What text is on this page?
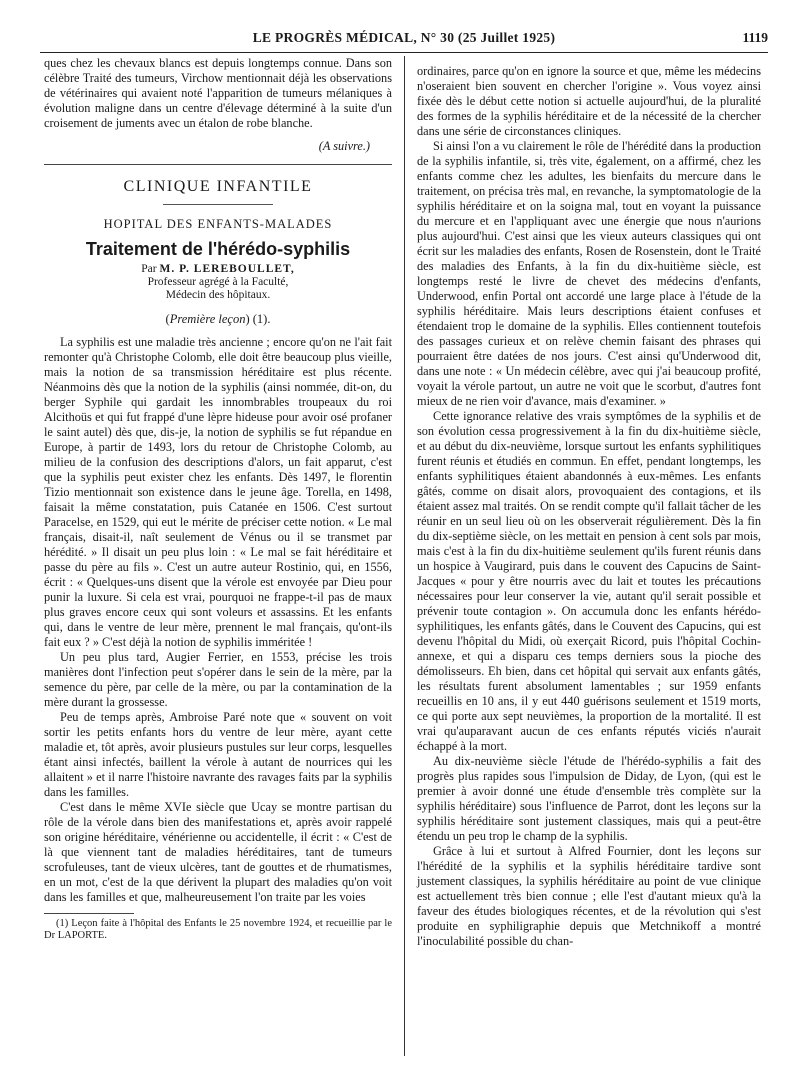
LE PROGRÈS MÉDICAL, N° 30 (25 Juillet 1925)	1119

ques chez les chevaux blancs est depuis longtemps connue. Dans son célèbre Traité des tumeurs, Virchow mentionnait déjà les observations de vétérinaires qui avaient noté l'apparition de tumeurs mélaniques à évolution maligne dans un centre d'élevage déterminé à la suite d'un croisement de juments avec un étalon de robe blanche.

(A suivre.)
CLINIQUE INFANTILE
HOPITAL DES ENFANTS-MALADES
Traitement de l'hérédo-syphilis
Par M. P. LEREBOULLET,
Professeur agrégé à la Faculté,
Médecin des hôpitaux.
(Première leçon) (1).

La syphilis est une maladie très ancienne ; encore qu'on ne l'ait fait remonter qu'à Christophe Colomb, elle doit être beaucoup plus vieille, mais la notion de sa transmission héréditaire est plus récente. Néanmoins dès que la notion de la syphilis (ainsi nommée, dit-on, du berger Syphile qui gardait les innombrables troupeaux du roi Alcithoüs et qui fut frappé d'une lèpre hideuse pour avoir osé profaner le saint autel) dès que, dis-je, la notion de syphilis se fut répandue en Europe, à partir de 1493, lors du retour de Christophe Colomb, au milieu de la confusion des descriptions d'alors, un fait apparut, c'est que la syphilis peut exister chez les enfants. Dès 1497, le florentin Tizio mentionnait son existence dans le jeune âge. Torella, en 1498, faisait la même constatation, puis Catanée en 1506. C'est surtout Paracelse, en 1529, qui eut le mérite de préciser cette notion. « Le mal français, disait-il, naît seulement de Vénus ou il se transmet par hérédité. » Il disait un peu plus loin : « Le mal se fait héréditaire et passe du père au fils ». C'est un autre auteur Rostinio, qui, en 1556, écrit : « Quelques-uns disent que la vérole est envoyée par Dieu pour punir la luxure. Si cela est vrai, pourquoi ne frappe-t-il pas de maux plus graves encore ceux qui sont voleurs et assassins. Et les enfants qui, dans le ventre de leur mère, prennent le mal français, qu'ont-ils fait eux ? » C'est déjà la notion de syphilis imméritée !

Un peu plus tard, Augier Ferrier, en 1553, précise les trois manières dont l'infection peut s'opérer dans le sein de la mère, par la semence du père, par celle de la mère, ou par la contamination de la mère durant la grossesse.

Peu de temps après, Ambroise Paré note que « souvent on voit sortir les petits enfants hors du ventre de leur mère, ayant cette maladie et, tôt après, avoir plusieurs pustules sur leur corps, lesquelles étant ainsi infectés, baillent la vérole à autant de nourrices qui les allaitent » et il narre l'histoire navrante des ravages faits par la syphilis dans les familles.

C'est dans le même XVIe siècle que Ucay se montre partisan du rôle de la vérole dans bien des manifestations et, après avoir rappelé son origine héréditaire, vénérienne ou accidentelle, il écrit : « C'est de là que viennent tant de maladies héréditaires, tant de tumeurs scrofuleuses, tant de vieux ulcères, tant de gouttes et de rhumatismes, en un mot, c'est de la que dérivent la plupart des maladies qu'on voit dans les familles et que, malheureusement l'on traite par les voies

(1) Leçon faite à l'hôpital des Enfants le 25 novembre 1924, et recueillie par le Dr LAPORTE.

ordinaires, parce qu'on en ignore la source et que, même les médecins n'oseraient bien souvent en chercher l'origine ». Vous voyez ainsi fixée dès le début cette notion si actuelle aujourd'hui, de la pluralité des formes de la syphilis héréditaire et de la nécessité de la chercher dans une série de circonstances cliniques.

Si ainsi l'on a vu clairement le rôle de l'hérédité dans la production de la syphilis infantile, si, très vite, également, on a affirmé, chez les enfants comme chez les adultes, les bienfaits du mercure dans le traitement, on précisa très mal, en revanche, la symptomatologie de la syphilis héréditaire et on la soigna mal, tout en voyant la puissance du mercure et en l'appliquant avec une énergie que nous n'aurions plus aujourd'hui. C'est ainsi que les vieux auteurs classiques qui ont écrit sur les maladies des enfants, Rosen de Rosenstein, dont le Traité des maladies des Enfants, à la fin du dix-huitième siècle, est longtemps resté le livre de chevet des médecins d'enfants, Underwood, enfin Portal ont accordé une large place à l'étude de la syphilis héréditaire. Mais leurs descriptions étaient confuses et étendaient trop le domaine de la syphilis. Elles contiennent toutefois des passages curieux et on relève chemin faisant des phrases qui pourraient être datées de nos jours. C'est ainsi qu'Underwood dit, dans une note : « Un médecin célèbre, avec qui j'ai beaucoup profité, voyait la vérole partout, un autre ne voit que le scorbut, d'autres font mieux de ne rien voir d'avance, mais d'examiner. »

Cette ignorance relative des vrais symptômes de la syphilis et de son évolution cessa progressivement à la fin du dix-huitième siècle, et au début du dix-neuvième, lorsque surtout les enfants syphilitiques furent réunis et étudiés en commun. En effet, pendant longtemps, les enfants syphilitiques étaient abandonnés à eux-mêmes. Les enfants gâtés, comme on disait alors, provoquaient des contagions, et ils étaient assez mal traités. On se rendit compte qu'il fallait tâcher de les réunir en un seul lieu où on les observerait régulièrement. Dès la fin du dix-septième siècle, on les mettait en pension à cent sols par mois, mais c'est à la fin du dix-huitième seulement qu'ils furent réunis dans un hospice à Vaugirard, puis dans le couvent des Capucins de Saint-Jacques « pour y être nourris avec du lait et toutes les précautions nécessaires pour leur conserver la vie, autant qu'il serait possible et prévenir toute contagion ». On accumula donc les enfants hérédo-syphilitiques, les enfants gâtés, dans le Couvent des Capucins, qui est devenu l'hôpital du Midi, où exerçait Ricord, puis l'hôpital Cochin-annexe, et qui a disparu ces temps derniers sous la pioche des démolisseurs. Eh bien, dans cet hôpital qui servait aux enfants gâtés, les résultats furent absolument lamentables ; sur 1959 enfants recueillis en 10 ans, il y eut 440 guérisons seulement et 1519 morts, ce qui porte aux sept neuvièmes, la proportion de la mortalité. Il est vrai qu'auparavant aucun de ces enfants réputés viciés n'aurait échappé à la mort.

Au dix-neuvième siècle l'étude de l'hérédo-syphilis a fait des progrès plus rapides sous l'impulsion de Diday, de Lyon, (qui est le premier à avoir donné une étude d'ensemble très complète sur la syphilis héréditaire) sous l'influence de Parrot, dont les leçons sur la syphilis héréditaire sont justement classiques, mais qui a peut-être étendu un peu trop le champ de la syphilis.

Grâce à lui et surtout à Alfred Fournier, dont les leçons sur l'hérédité de la syphilis et la syphilis héréditaire tardive sont justement classiques, la syphilis héréditaire au point de vue clinique est actuellement très bien connue ; elle l'est d'autant mieux qu'à la faveur des études biologiques récentes, et de la révolution qui s'est produite en syphiligraphie depuis que Metchnikoff a montré l'inoculabilité possible du chan-
